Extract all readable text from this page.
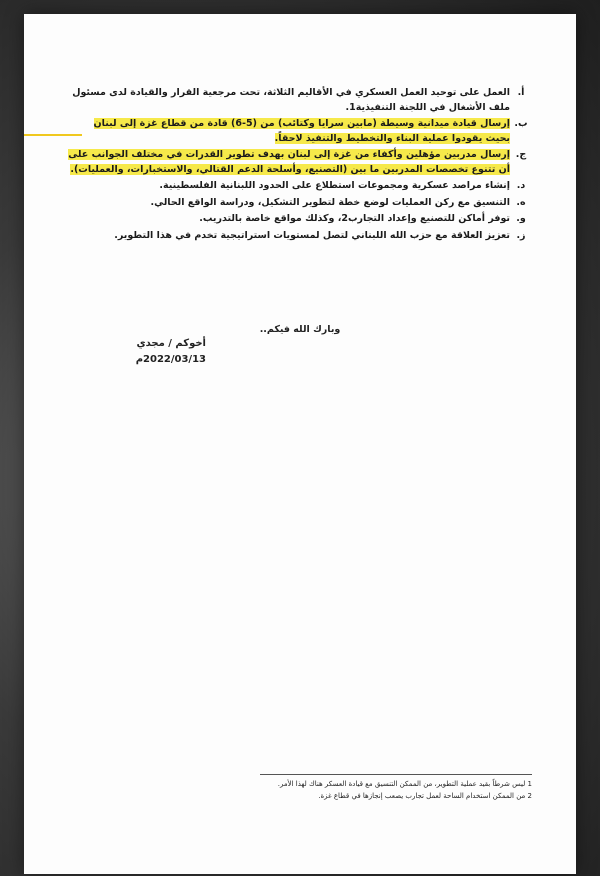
أ.
العمل على توحيد العمل العسكري في الأقاليم الثلاثة، تحت مرجعية القرار والقيادة لدى مسئول ملف الأشغال في اللجنة التنفيذية1.
ب.
إرسال قيادة ميدانية وسيطة (مابين سرايا وكتائب) من (5-6) قادة من قطاع غزة إلى لبنان بحيث يقودوا عملية البناء والتخطيط والتنفيذ لاحقاً.
ج.
إرسال مدربين مؤهلين وأكفاء من غزة إلى لبنان بهدف تطوير القدرات في مختلف الجوانب على أن تتنوع تخصصات المدربين ما بين (التصنيع، وأسلحة الدعم القتالي، والاستخبارات، والعمليات).
د.
إنشاء مراصد عسكرية ومجموعات استطلاع على الحدود اللبنانية الفلسطينية.
ه.
التنسيق مع ركن العمليات لوضع خطة لتطوير التشكيل، ودراسة الواقع الحالي.
و.
توفر أماكن للتصنيع وإعداد التجارب2، وكذلك مواقع خاصة بالتدريب.
ز.
تعزيز العلاقة مع حزب الله اللبناني لتصل لمستويات استراتيجية تخدم في هذا التطوير.
وبارك الله فيكم..
أخوكم / مجدي
2022/03/13م
1 ليس شرطاً بقيد عملية التطوير، من الممكن التنسيق مع قيادة العسكر هناك لهذا الأمر.
2 من الممكن استخدام الساحة لعمل تجارب يصعب إنجازها في قطاع غزة.
